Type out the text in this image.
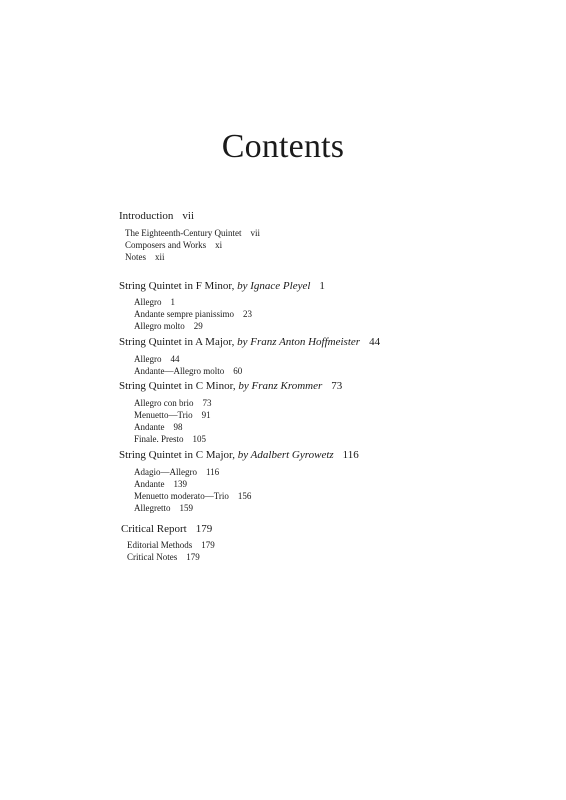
Contents
Introduction vii
The Eighteenth-Century Quintet vii
Composers and Works xi
Notes xii
String Quintet in F Minor, by Ignace Pleyel 1
Allegro 1
Andante sempre pianissimo 23
Allegro molto 29
String Quintet in A Major, by Franz Anton Hoffmeister 44
Allegro 44
Andante—Allegro molto 60
String Quintet in C Minor, by Franz Krommer 73
Allegro con brio 73
Menuetto—Trio 91
Andante 98
Finale. Presto 105
String Quintet in C Major, by Adalbert Gyrowetz 116
Adagio—Allegro 116
Andante 139
Menuetto moderato—Trio 156
Allegretto 159
Critical Report 179
Editorial Methods 179
Critical Notes 179
